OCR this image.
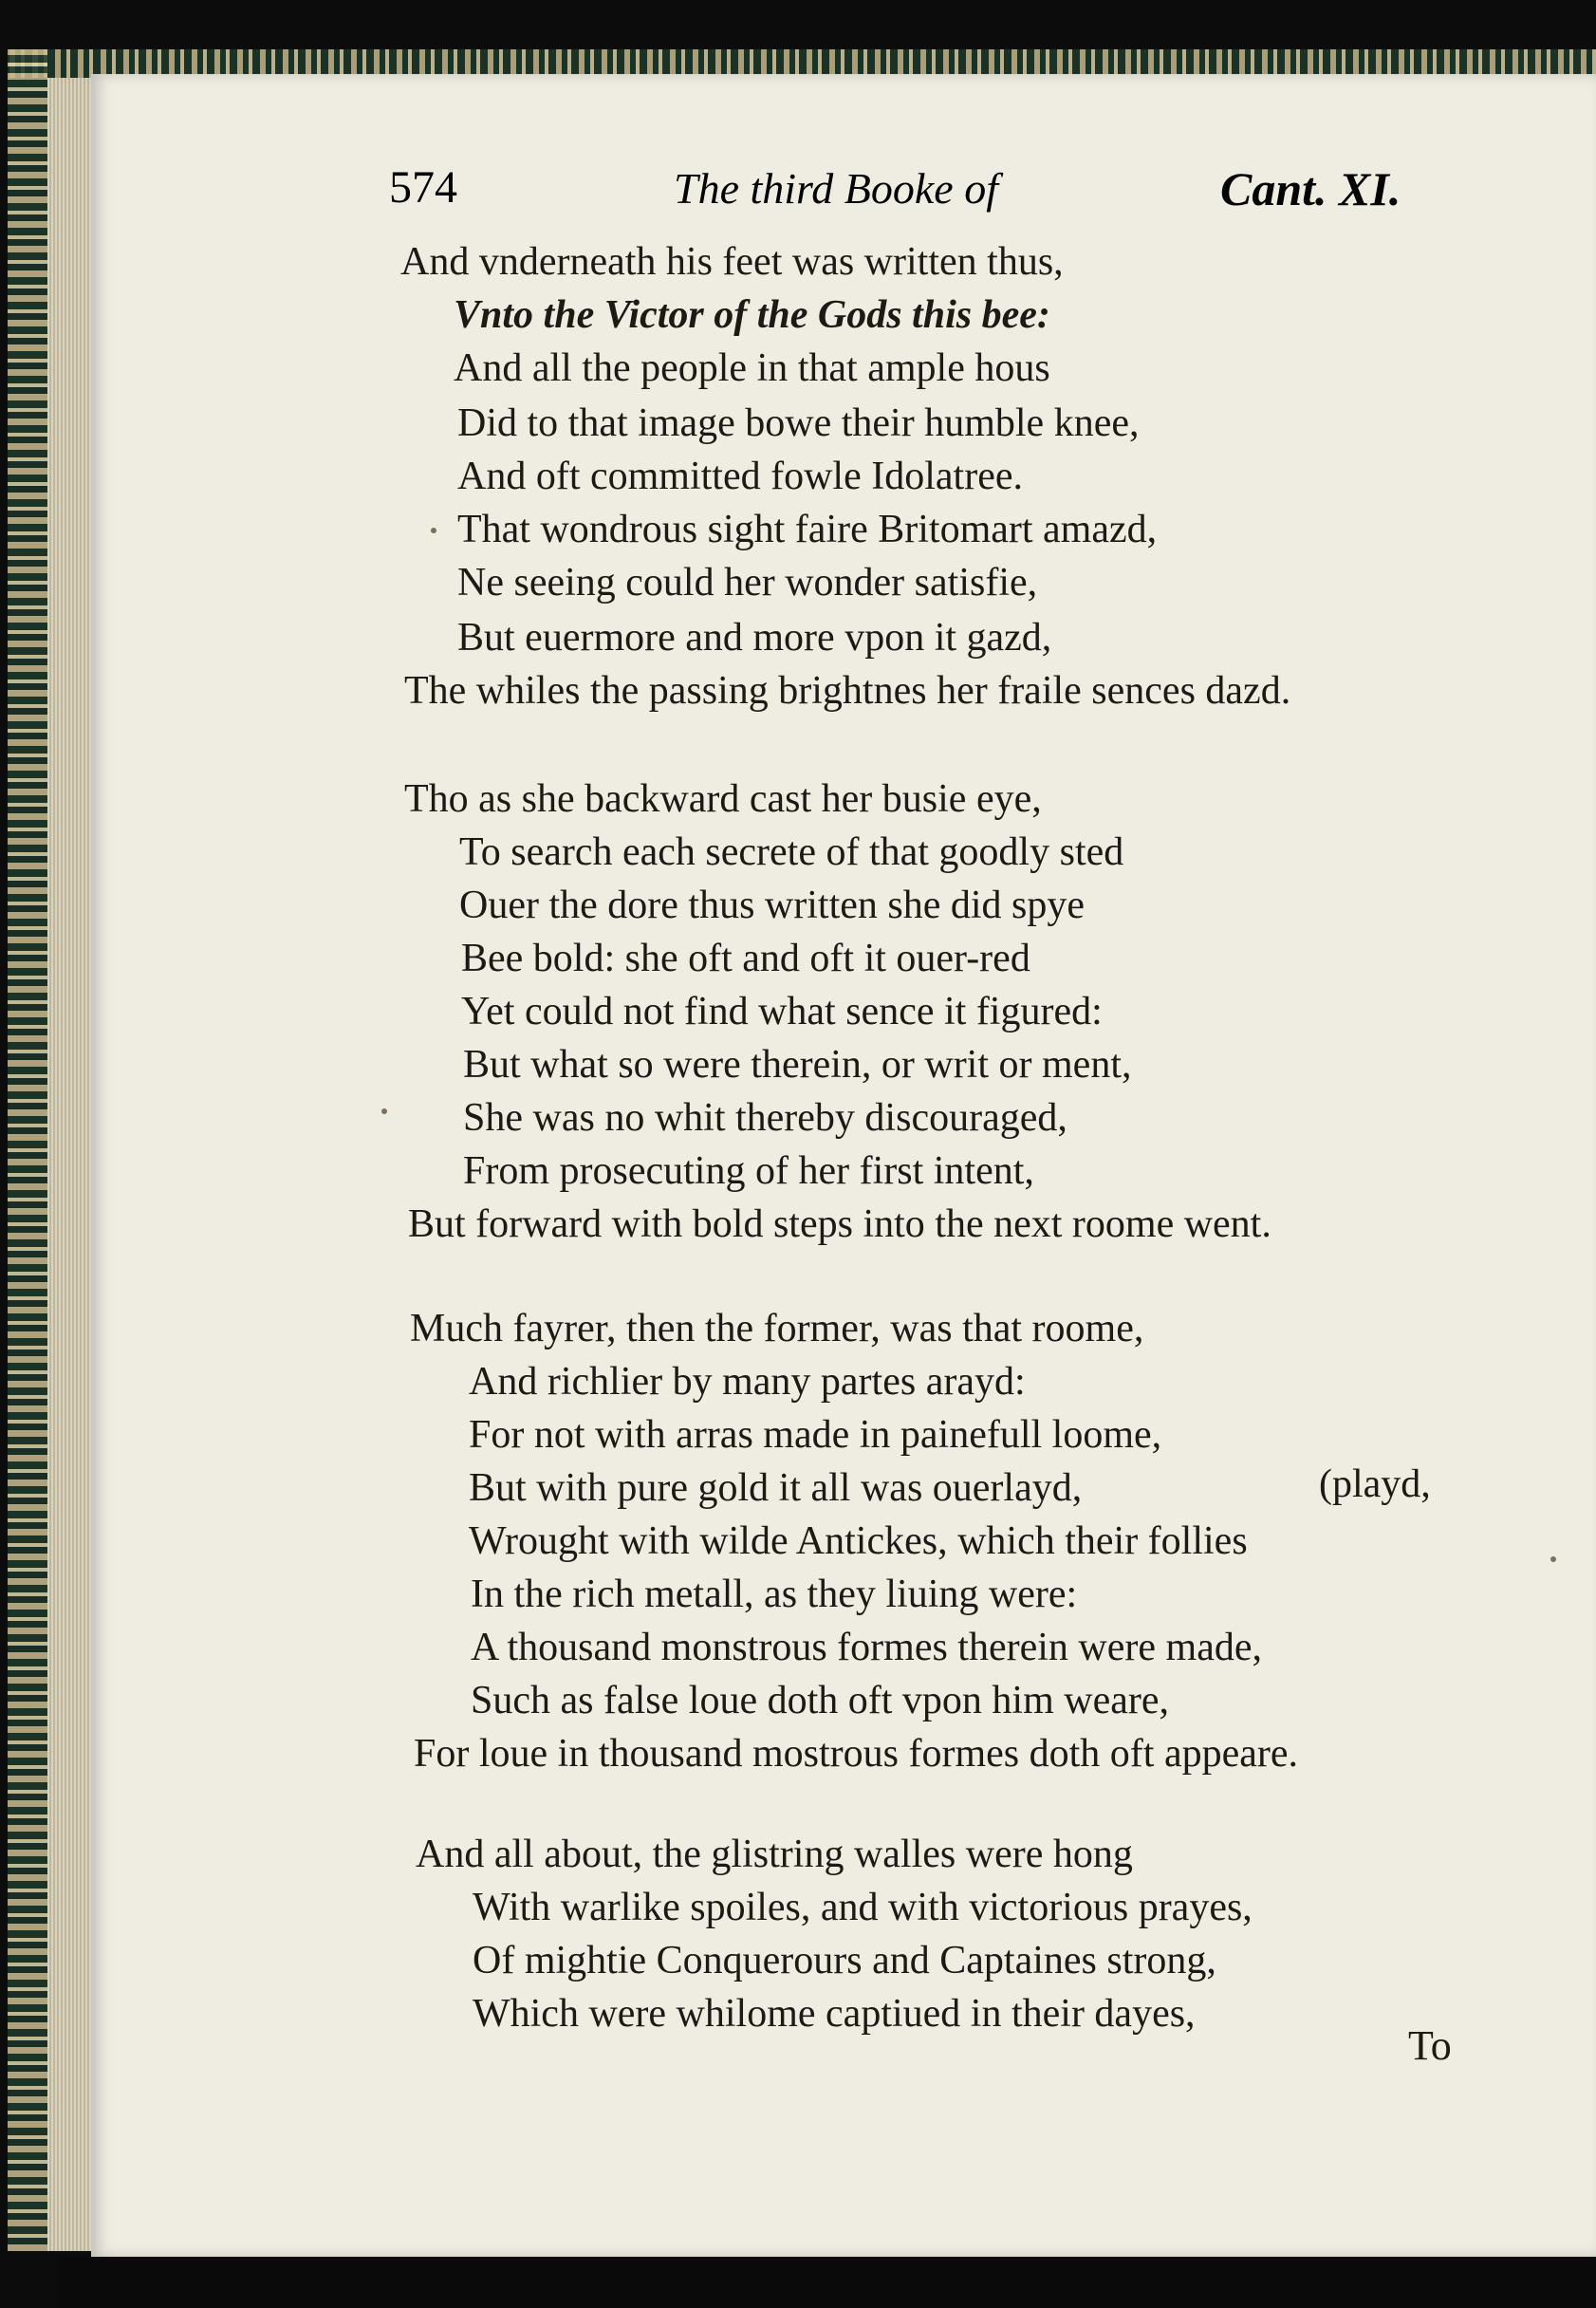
574	The third Booke of	Cant. XI.
And vnderneath his feet was written thus,
Vnto the Victor of the Gods this bee:
And all the people in that ample hous
Did to that image bowe their humble knee,
And oft committed fowle Idolatree.
That wondrous sight faire Britomart amazd,
Ne seeing could her wonder satisfie,
But euermore and more vpon it gazd,
The whiles the passing brightnes her fraile sences dazd.
Tho as she backward cast her busie eye,
To search each secrete of that goodly sted
Ouer the dore thus written she did spye
Bee bold: she oft and oft it ouer-red
Yet could not find what sence it figured:
But what so were therein, or writ or ment,
She was no whit thereby discouraged,
From prosecuting of her first intent,
But forward with bold steps into the next roome went.
Much fayrer, then the former, was that roome,
And richlier by many partes arayd:
For not with arras made in painefull loome,
But with pure gold it all was ouerlayd,	(playd,
Wrought with wilde Antickes, which their follies
In the rich metall, as they liuing were:
A thousand monstrous formes therein were made,
Such as false loue doth oft vpon him weare,
For loue in thousand mostrous formes doth oft appeare.
And all about, the glistring walles were hong
With warlike spoiles, and with victorious prayes,
Of mightie Conquerours and Captaines strong,
Which were whilome captiued in their dayes,
To
